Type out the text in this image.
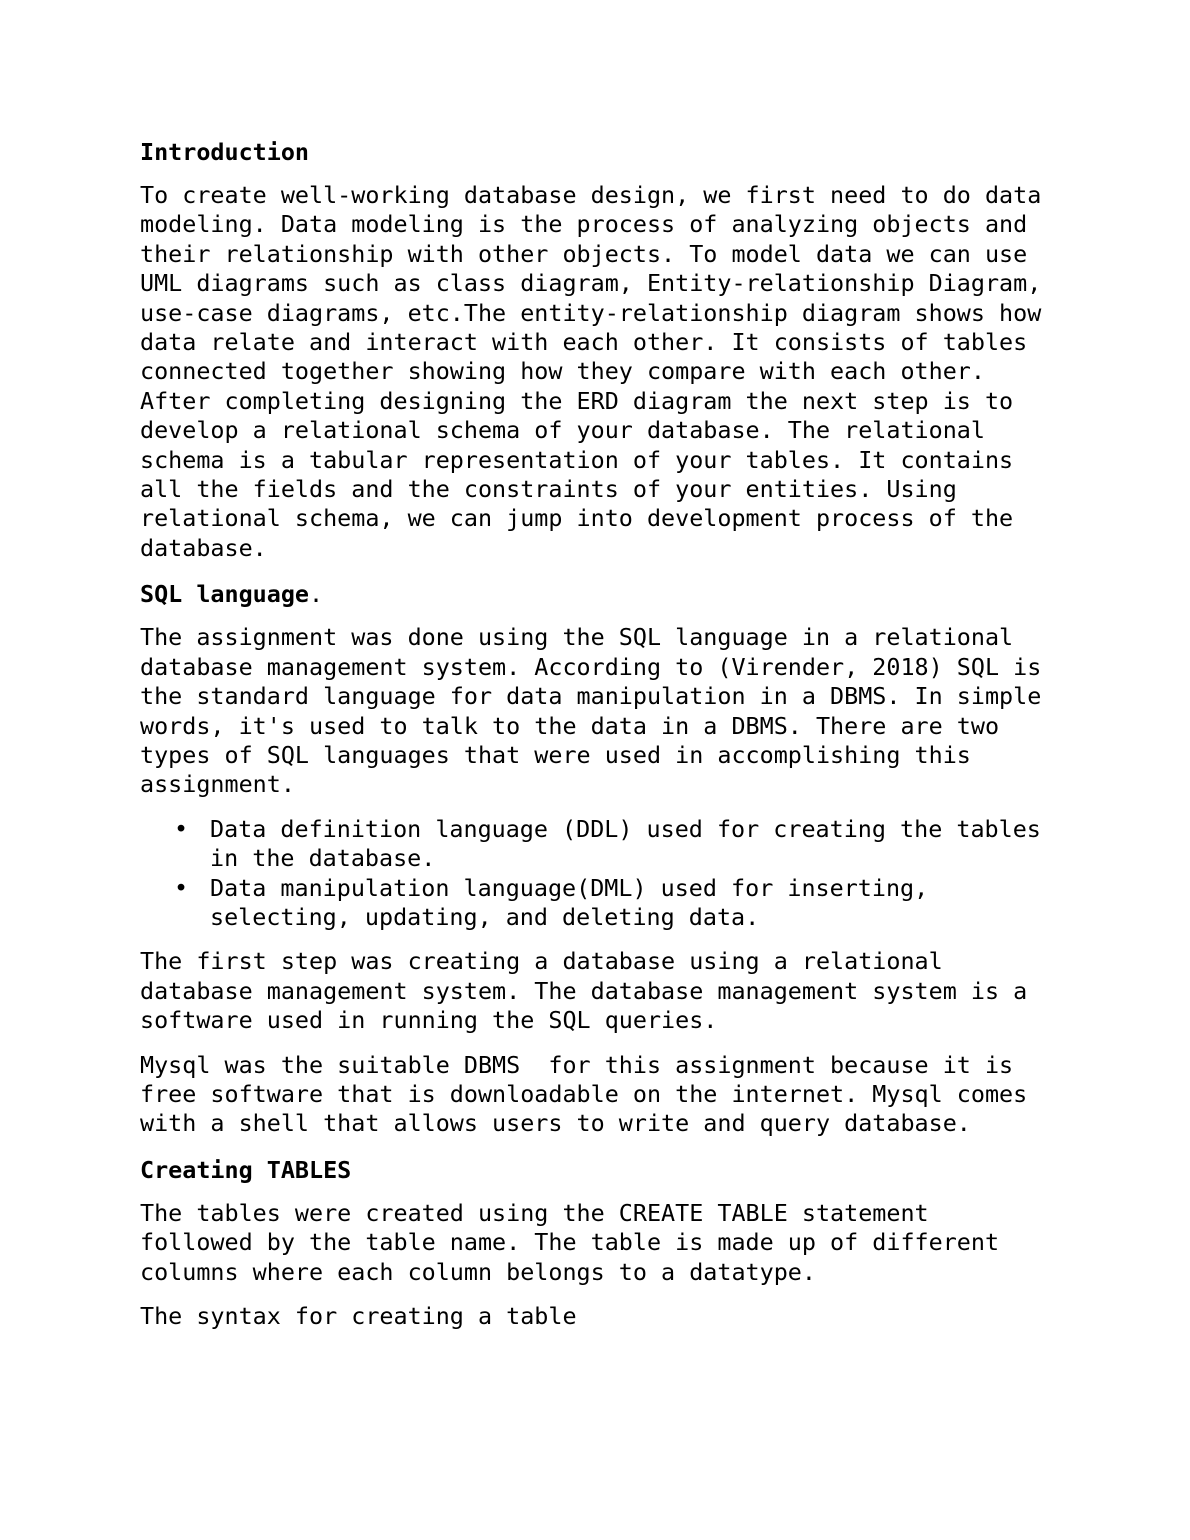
Introduction

To create well-working database design, we first need to do data

modeling. Data modeling is the process of analyzing objects and

their relationship with other objects. To model data we can use

UML diagrams such as class diagram, Entity-relationship Diagram,

use-case diagrams, etc.The entity-relationship diagram shows how

data relate and interact with each other. It consists of tables

connected together showing how they compare with each other.

After completing designing the ERD diagram the next step is to

develop a relational schema of your database. The relational

schema is a tabular representation of your tables. It contains

all the fields and the constraints of your entities. Using

relational schema, we can jump into development process of the

database.

SQL language.

The assignment was done using the SQL language in a relational

database management system. According to (Virender, 2018) SQL is

the standard language for data manipulation in a DBMS. In simple

words, it's used to talk to the data in a DBMS. There are two

types of SQL languages that were used in accomplishing this

assignment.

• Data definition language (DDL) used for creating the tables

in the database.

• Data manipulation language(DML) used for inserting,

selecting, updating, and deleting data.

The first step was creating a database using a relational

database management system. The database management system is a

software used in running the SQL queries.

Mysql was the suitable DBMS  for this assignment because it is

free software that is downloadable on the internet. Mysql comes

with a shell that allows users to write and query database.

Creating TABLES

The tables were created using the CREATE TABLE statement

followed by the table name. The table is made up of different

columns where each column belongs to a datatype.

The syntax for creating a table
